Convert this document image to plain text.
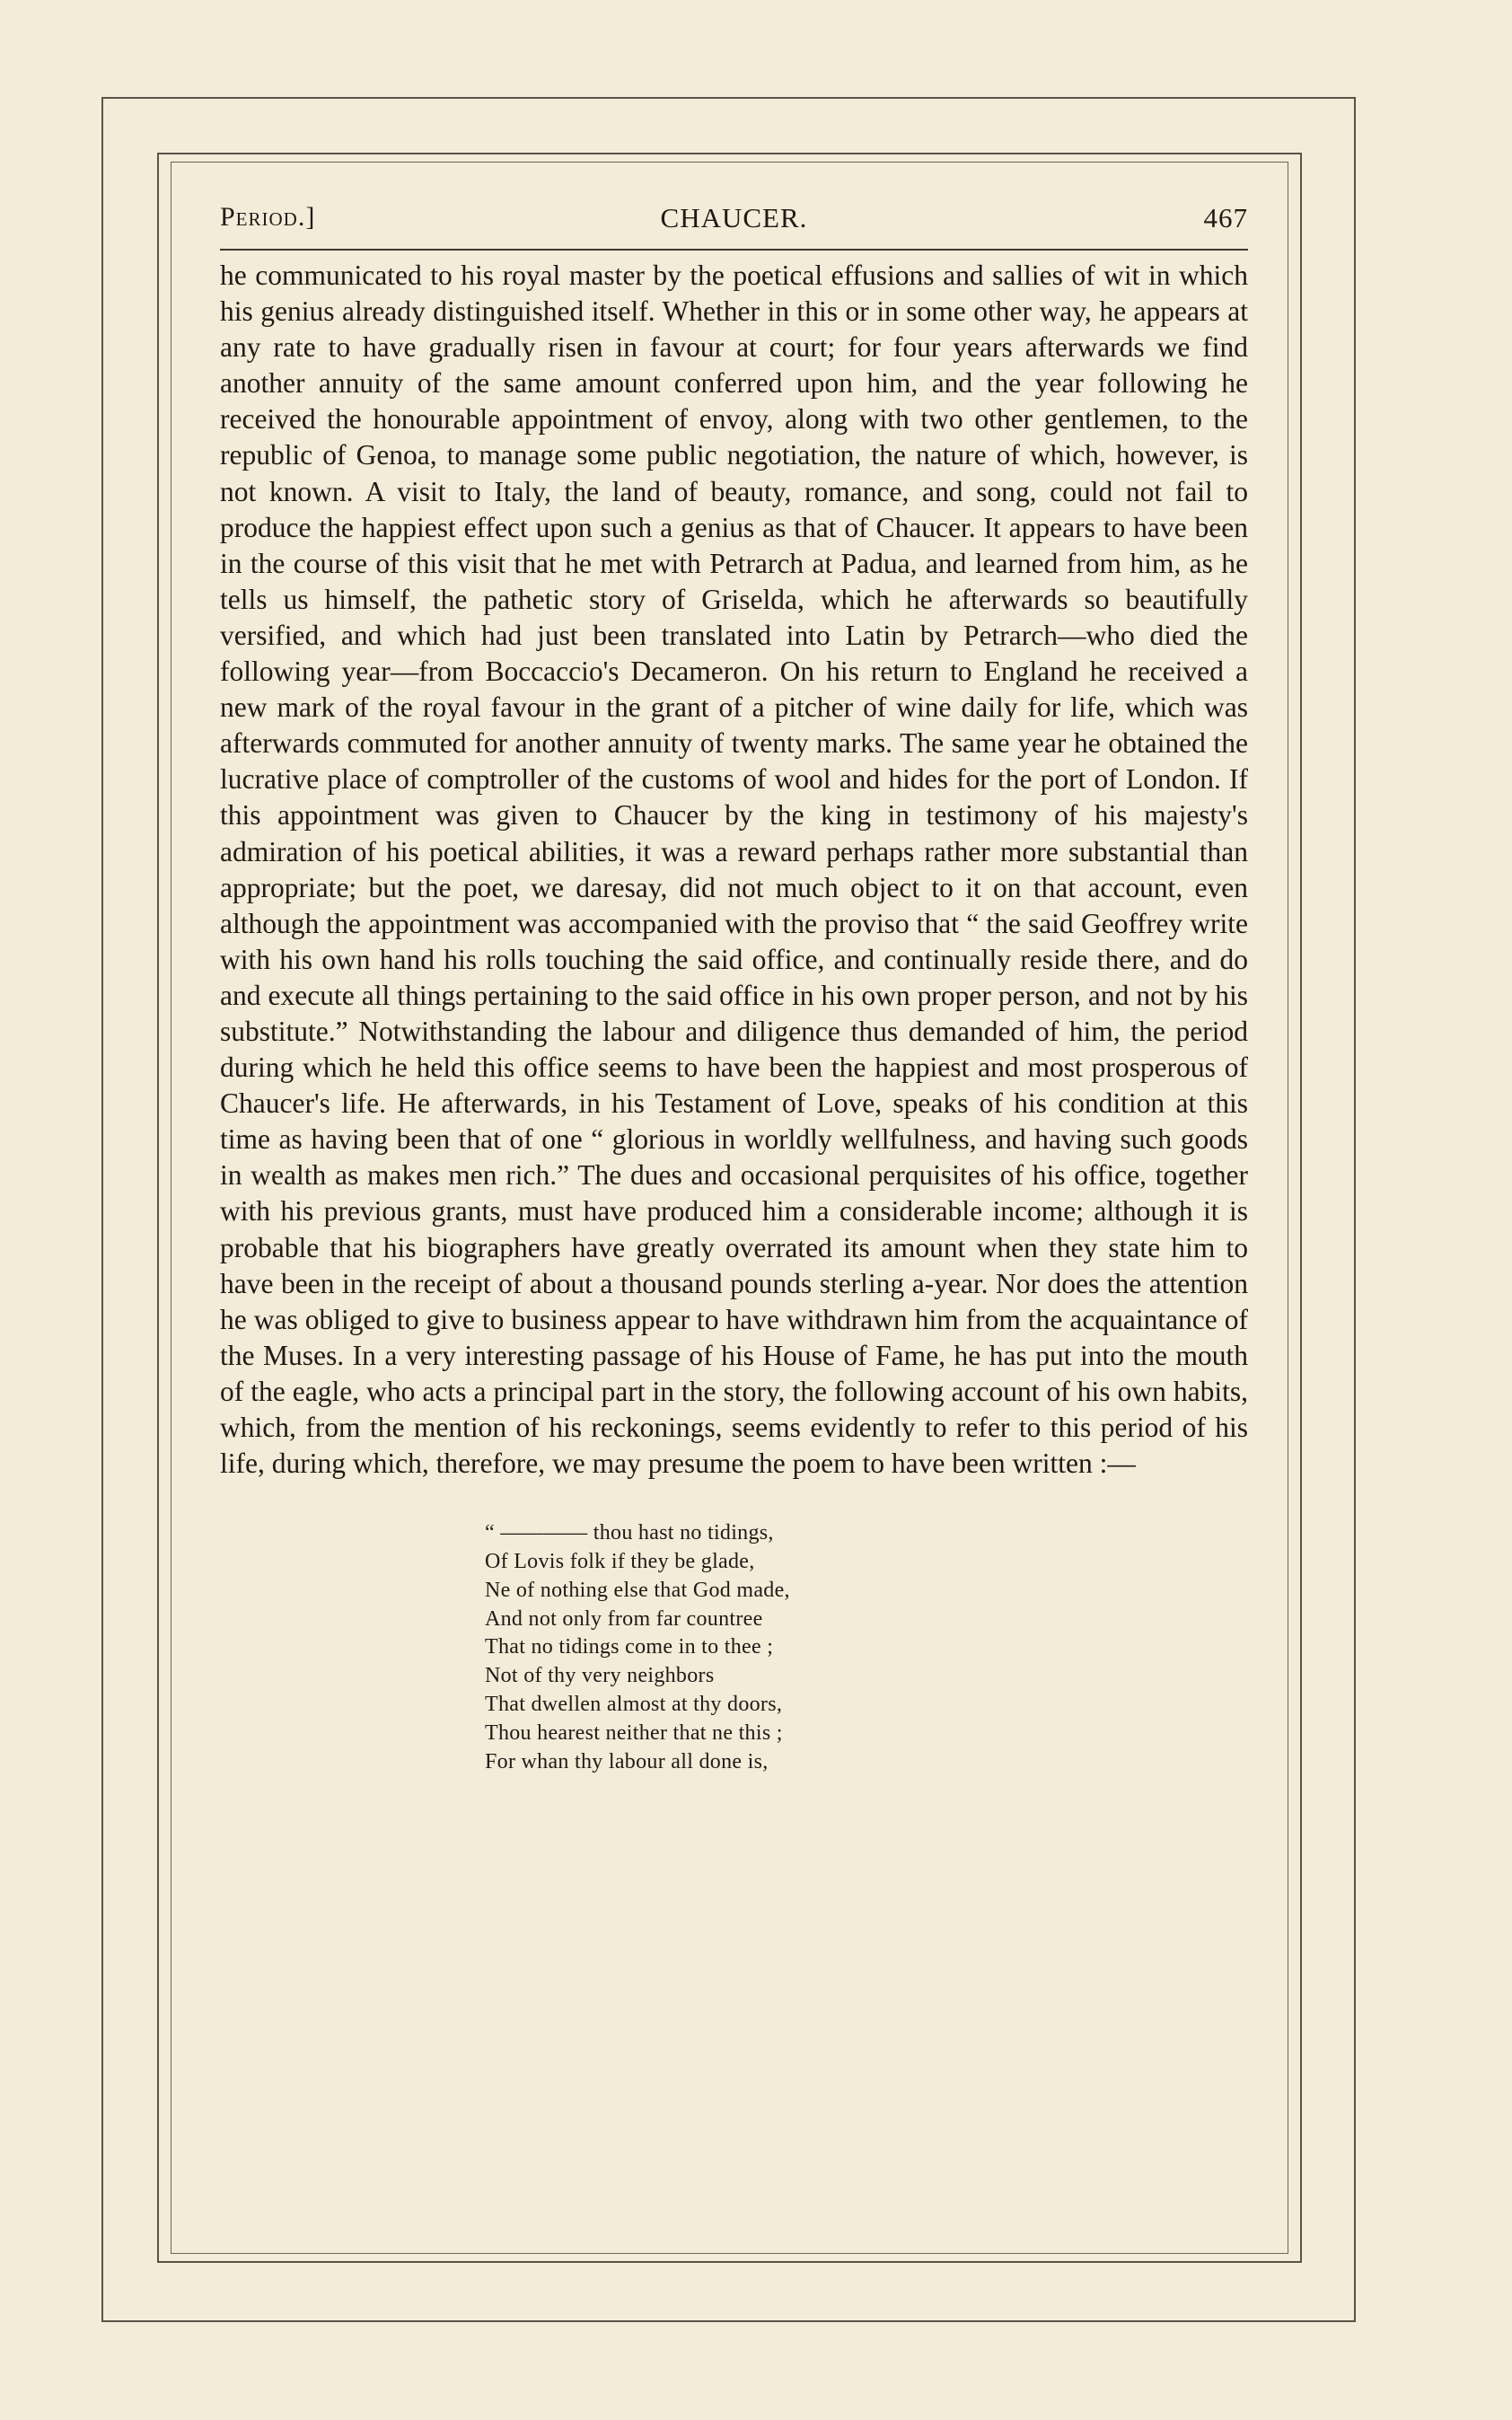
Period.]	CHAUCER.	467

he communicated to his royal master by the poetical effusions and sallies of wit in which his genius already distinguished itself. Whether in this or in some other way, he appears at any rate to have gradually risen in favour at court; for four years afterwards we find another annuity of the same amount conferred upon him, and the year following he received the honourable appointment of envoy, along with two other gentlemen, to the republic of Genoa, to manage some public negotiation, the nature of which, however, is not known. A visit to Italy, the land of beauty, romance, and song, could not fail to produce the happiest effect upon such a genius as that of Chaucer. It appears to have been in the course of this visit that he met with Petrarch at Padua, and learned from him, as he tells us himself, the pathetic story of Griselda, which he afterwards so beautifully versified, and which had just been translated into Latin by Petrarch—who died the following year—from Boccaccio's Decameron. On his return to England he received a new mark of the royal favour in the grant of a pitcher of wine daily for life, which was afterwards commuted for another annuity of twenty marks. The same year he obtained the lucrative place of comptroller of the customs of wool and hides for the port of London. If this appointment was given to Chaucer by the king in testimony of his majesty's admiration of his poetical abilities, it was a reward perhaps rather more substantial than appropriate; but the poet, we daresay, did not much object to it on that account, even although the appointment was accompanied with the proviso that “ the said Geoffrey write with his own hand his rolls touching the said office, and continually reside there, and do and execute all things pertaining to the said office in his own proper person, and not by his substitute.” Notwithstanding the labour and diligence thus demanded of him, the period during which he held this office seems to have been the happiest and most prosperous of Chaucer's life. He afterwards, in his Testament of Love, speaks of his condition at this time as having been that of one “ glorious in worldly wellfulness, and having such goods in wealth as makes men rich.” The dues and occasional perquisites of his office, together with his previous grants, must have produced him a considerable income; although it is probable that his biographers have greatly overrated its amount when they state him to have been in the receipt of about a thousand pounds sterling a-year. Nor does the attention he was obliged to give to business appear to have withdrawn him from the acquaintance of the Muses. In a very interesting passage of his House of Fame, he has put into the mouth of the eagle, who acts a principal part in the story, the following account of his own habits, which, from the mention of his reckonings, seems evidently to refer to this period of his life, during which, therefore, we may presume the poem to have been written :—

“ ———— thou hast no tidings,
Of Lovis folk if they be glade,
Ne of nothing else that God made,
And not only from far countree
That no tidings come in to thee ;
Not of thy very neighbors
That dwellen almost at thy doors,
Thou hearest neither that ne this ;
For whan thy labour all done is,
